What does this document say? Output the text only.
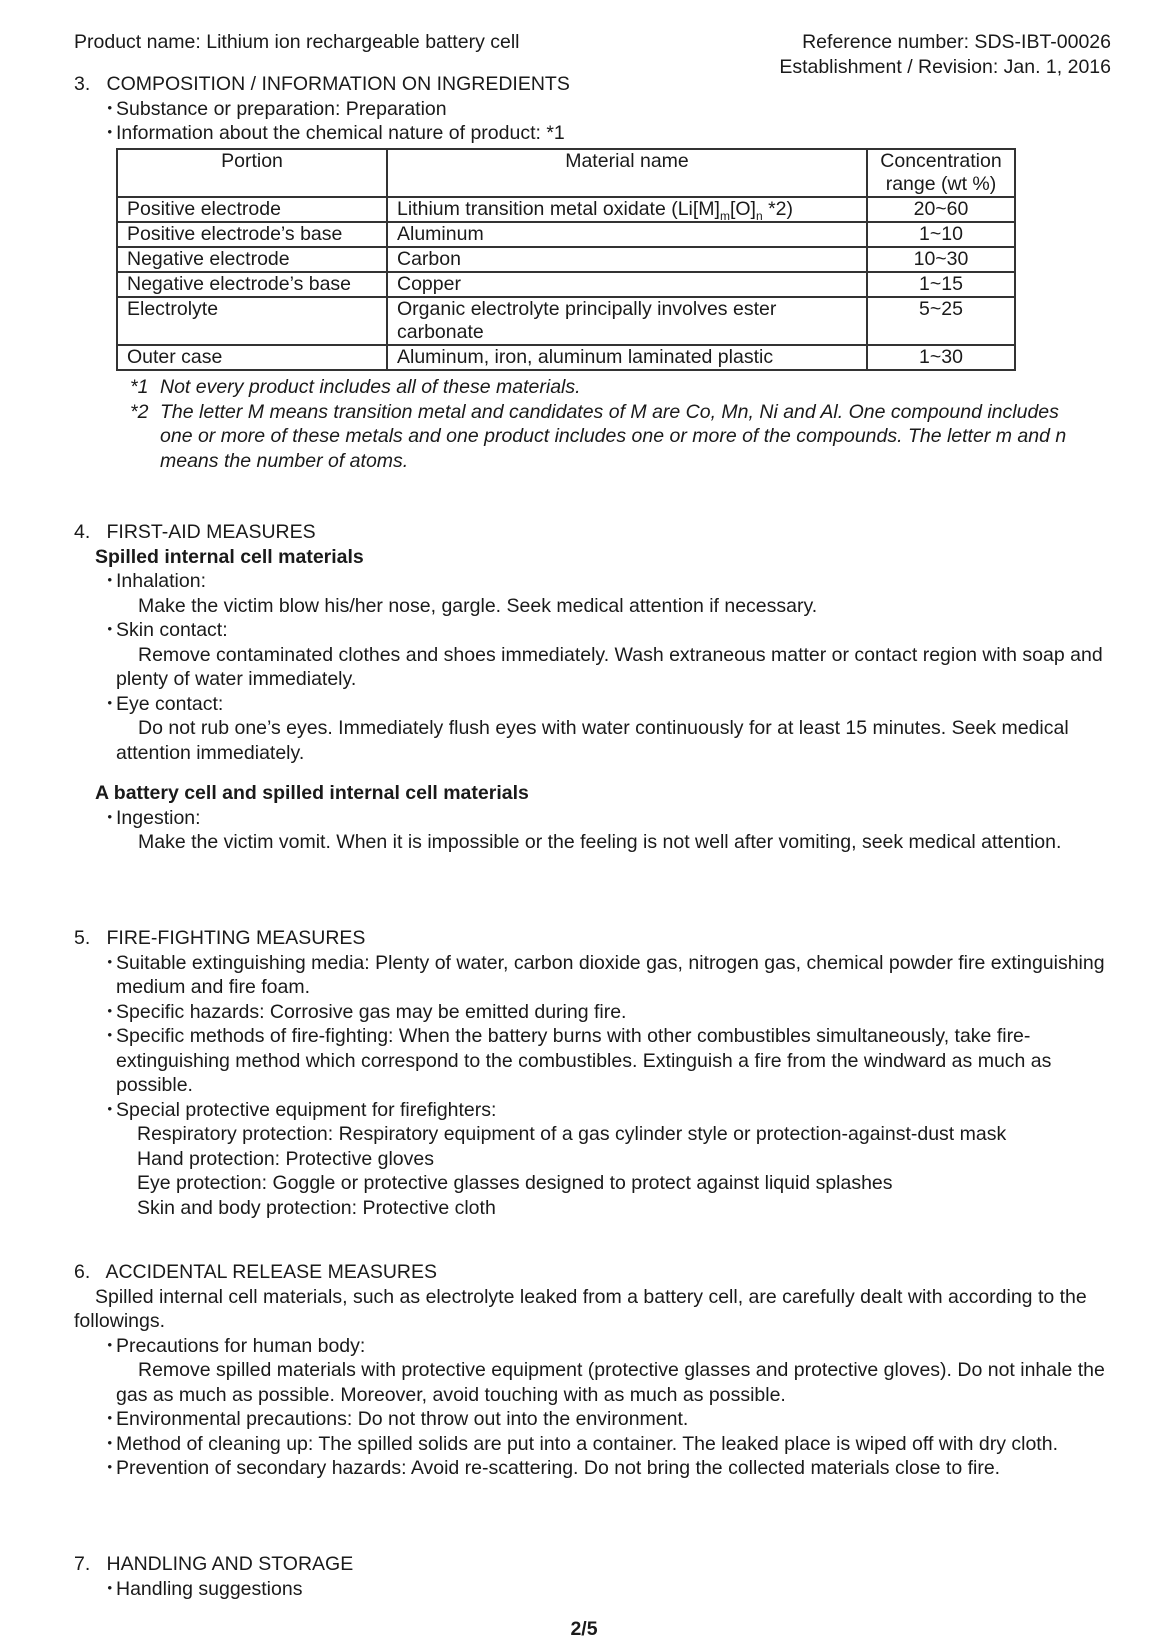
Product name: Lithium ion rechargeable battery cell	Reference number: SDS-IBT-00026
Establishment / Revision: Jan. 1, 2016

3.   COMPOSITION / INFORMATION ON INGREDIENTS

・ Substance or preparation: Preparation

・ Information about the chemical nature of product: *1

Portion	Material name	Concentration range (wt %)
Positive electrode	Lithium transition metal oxidate ($Li[M]_m[O]_n$ *2)	20~60
Positive electrode’s base	Aluminum	1~10
Negative electrode	Carbon	10~30
Negative electrode’s base	Copper	1~15
Electrolyte	Organic electrolyte principally involves ester carbonate	5~25
Outer case	Aluminum, iron, aluminum laminated plastic	1~30

*1 Not every product includes all of these materials.

*2 The letter M means transition metal and candidates of M are Co, Mn, Ni and Al. One compound includes one or more of these metals and one product includes one or more of the compounds. The letter m and n means the number of atoms.

4.   FIRST-AID MEASURES

Spilled internal cell materials

・ Inhalation:

Make the victim blow his/her nose, gargle. Seek medical attention if necessary.

・ Skin contact:

Remove contaminated clothes and shoes immediately. Wash extraneous matter or contact region with soap and plenty of water immediately.

・ Eye contact:

Do not rub one’s eyes. Immediately flush eyes with water continuously for at least 15 minutes. Seek medical attention immediately.

A battery cell and spilled internal cell materials

・ Ingestion:

Make the victim vomit. When it is impossible or the feeling is not well after vomiting, seek medical attention.

5.   FIRE-FIGHTING MEASURES

・ Suitable extinguishing media: Plenty of water, carbon dioxide gas, nitrogen gas, chemical powder fire extinguishing medium and fire foam.

・ Specific hazards: Corrosive gas may be emitted during fire.

・ Specific methods of fire-fighting: When the battery burns with other combustibles simultaneously, take fire-extinguishing method which correspond to the combustibles. Extinguish a fire from the windward as much as possible.

・ Special protective equipment for firefighters:

Respiratory protection: Respiratory equipment of a gas cylinder style or protection-against-dust mask

Hand protection: Protective gloves

Eye protection: Goggle or protective glasses designed to protect against liquid splashes

Skin and body protection: Protective cloth

6.   ACCIDENTAL RELEASE MEASURES

Spilled internal cell materials, such as electrolyte leaked from a battery cell, are carefully dealt with according to the followings.

・ Precautions for human body:

Remove spilled materials with protective equipment (protective glasses and protective gloves). Do not inhale the gas as much as possible. Moreover, avoid touching with as much as possible.

・ Environmental precautions: Do not throw out into the environment.

・ Method of cleaning up: The spilled solids are put into a container. The leaked place is wiped off with dry cloth.

・ Prevention of secondary hazards: Avoid re-scattering. Do not bring the collected materials close to fire.

7.   HANDLING AND STORAGE

・ Handling suggestions

2/5
